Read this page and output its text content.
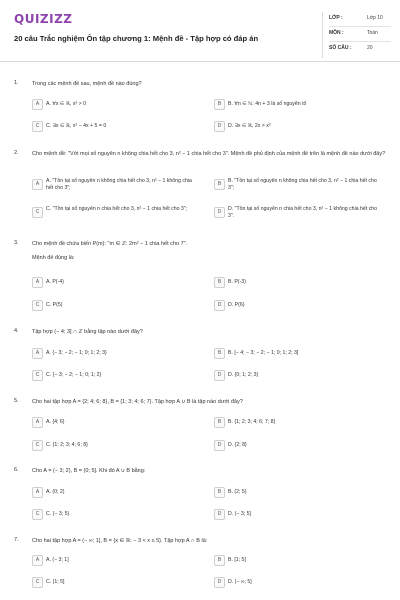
QUIZIZZ
20 câu Trắc nghiệm Ôn tập chương 1: Mệnh đề - Tập hợp có đáp án
LỚP :	Lớp 10
MÔN :	Toán
SỐ CÂU :	20
1. Trong các mệnh đề sau, mệnh đề nào đúng?
A	A. ∀x ∈ ℝ, x² > 0	B	B. ∀n ∈ ℕ: 4n + 3 là số nguyên tố
C	C. ∃x ∈ ℝ, x² − 4x + 5 = 0	D	D. ∃x ∈ ℝ, 2x > x²
2. Cho mệnh đề: "Với mọi số nguyên n không chia hết cho 3, n² − 1 chia hết cho 3". Mệnh đề phủ định của mệnh đề trên là mệnh đề nào dưới đây?
A	A. "Tồn tại số nguyên n không chia hết cho 3, n² − 1 không chia hết cho 3";
B	B. "Tồn tại số nguyên n không chia hết cho 3, n² − 1 chia hết cho 3";
C	C. "Tồn tại số nguyên n chia hết cho 3, n² − 1 chia hết cho 3";	D	D. "Tồn tại số nguyên n chia hết cho 3, n² − 1 không chia hết cho 3".
3. Cho mệnh đề chứa biến P(m): "m ∈ ℤ: 2m² − 1 chia hết cho 7".
Mệnh đề đúng là:
A	A. P(-4)	B	B. P(-3)
C	C. P(5)	D	D. P(6)
4. Tập hợp (− 4; 3] ∩ ℤ bằng tập nào dưới đây?
A	A. {− 3; − 2; − 1; 0; 1; 2; 3}	B	B. [− 4; − 3; − 2; − 1; 0; 1; 2; 3]
C	C. {− 3; − 2; − 1; 0; 1; 2}	D	D. {0; 1; 2; 3}
5. Cho hai tập hợp A = {2; 4; 6; 8}, B = {1; 3; 4; 6; 7}. Tập hợp A ∪ B là tập nào dưới đây?
A	A. {4; 6}	B	B. {1; 2; 3; 4; 6; 7; 8}
C	C. {1; 2; 3; 4; 6; 8}	D	D. {2; 8}
6. Cho A = (− 3; 2), B = (0; 5]. Khi đó A ∪ B bằng:
A	A. (0; 2)	B	B. (2; 5)
C	C. (− 3; 5)	D	D. (− 3; 5]
7. Cho hai tập hợp A = (− ∞; 1], B = {x ∈ ℝ: − 3 < x ≤ 5}. Tập hợp A ∩ B là:
A	A. (− 3; 1]	B	B. [1; 5]
C	C. (1; 5]	D	D. (− ∞; 5]
